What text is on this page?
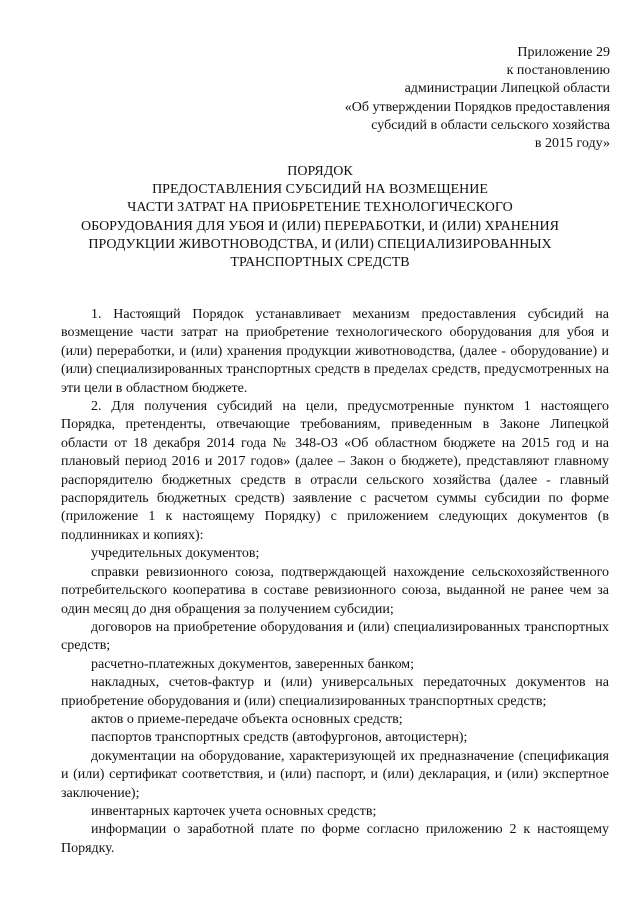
Приложение 29
к постановлению
администрации Липецкой области
«Об утверждении Порядков предоставления
субсидий в области сельского хозяйства
в 2015 году»
ПОРЯДОК
ПРЕДОСТАВЛЕНИЯ СУБСИДИЙ НА ВОЗМЕЩЕНИЕ
ЧАСТИ ЗАТРАТ НА ПРИОБРЕТЕНИЕ ТЕХНОЛОГИЧЕСКОГО
ОБОРУДОВАНИЯ ДЛЯ УБОЯ И (ИЛИ) ПЕРЕРАБОТКИ, И (ИЛИ) ХРАНЕНИЯ
ПРОДУКЦИИ ЖИВОТНОВОДСТВА, И (ИЛИ) СПЕЦИАЛИЗИРОВАННЫХ
ТРАНСПОРТНЫХ СРЕДСТВ

1. Настоящий Порядок устанавливает механизм предоставления субсидий на возмещение части затрат на приобретение технологического оборудования для убоя и (или) переработки, и (или) хранения продукции животноводства, (далее - оборудование) и (или) специализированных транспортных средств в пределах средств, предусмотренных на эти цели в областном бюджете.

2. Для получения субсидий на цели, предусмотренные пунктом 1 настоящего Порядка, претенденты, отвечающие требованиям, приведенным в Законе Липецкой области от 18 декабря 2014 года № 348-ОЗ «Об областном бюджете на 2015 год и на плановый период 2016 и 2017 годов» (далее – Закон о бюджете), представляют главному распорядителю бюджетных средств в отрасли сельского хозяйства (далее - главный распорядитель бюджетных средств) заявление с расчетом суммы субсидии по форме (приложение 1 к настоящему Порядку) с приложением следующих документов (в подлинниках и копиях):

учредительных документов;

справки ревизионного союза, подтверждающей нахождение сельскохозяйственного потребительского кооператива в составе ревизионного союза, выданной не ранее чем за один месяц до дня обращения за получением субсидии;

договоров на приобретение оборудования и (или) специализированных транспортных средств;

расчетно-платежных документов, заверенных банком;

накладных, счетов-фактур и (или) универсальных передаточных документов на приобретение оборудования и (или) специализированных транспортных средств;

актов о приеме-передаче объекта основных средств;

паспортов транспортных средств (автофургонов, автоцистерн);

документации на оборудование, характеризующей их предназначение (спецификация и (или) сертификат соответствия, и (или) паспорт, и (или) декларация, и (или) экспертное заключение);

инвентарных карточек учета основных средств;

информации о заработной плате по форме согласно приложению 2 к настоящему Порядку.
